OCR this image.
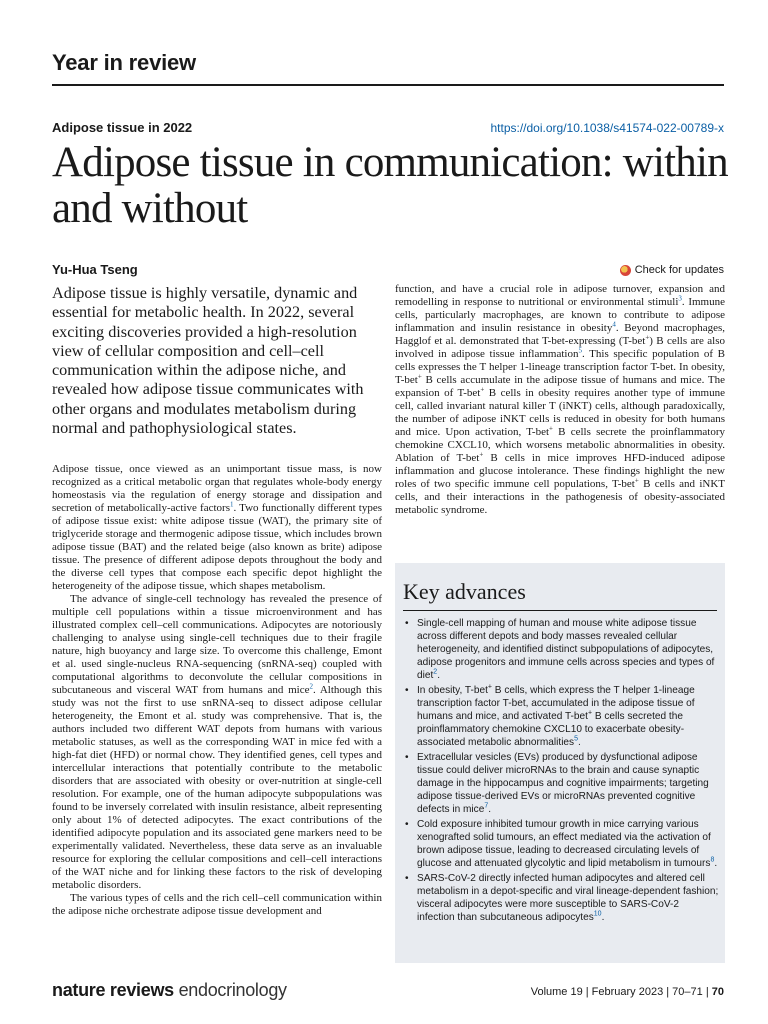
Year in review
Adipose tissue in 2022	https://doi.org/10.1038/s41574-022-00789-x
Adipose tissue in communication: within and without
Yu-Hua Tseng	Check for updates

Adipose tissue is highly versatile, dynamic and essential for metabolic health. In 2022, several exciting discoveries provided a high-resolution view of cellular composition and cell–cell communication within the adipose niche, and revealed how adipose tissue communicates with other organs and modulates metabolism during normal and pathophysiological states.

Adipose tissue, once viewed as an unimportant tissue mass, is now recognized as a critical metabolic organ that regulates whole-body energy homeostasis via the regulation of energy storage and dissipation and secretion of metabolically-active factors$^1$. Two functionally different types of adipose tissue exist: white adipose tissue (WAT), the primary site of triglyceride storage and thermogenic adipose tissue, which includes brown adipose tissue (BAT) and the related beige (also known as brite) adipose tissue. The presence of different adipose depots throughout the body and the diverse cell types that compose each specific depot highlight the heterogeneity of the adipose tissue, which shapes metabolism.

The advance of single-cell technology has revealed the presence of multiple cell populations within a tissue microenvironment and has illustrated complex cell–cell communications. Adipocytes are notoriously challenging to analyse using single-cell techniques due to their fragile nature, high buoyancy and large size. To overcome this challenge, Emont et al. used single-nucleus RNA-sequencing (snRNA-seq) coupled with computational algorithms to deconvolute the cellular compositions in subcutaneous and visceral WAT from humans and mice$^2$. Although this study was not the first to use snRNA-seq to dissect adipose cellular heterogeneity, the Emont et al. study was comprehensive. That is, the authors included two different WAT depots from humans with various metabolic statuses, as well as the corresponding WAT in mice fed with a high-fat diet (HFD) or normal chow. They identified genes, cell types and intercellular interactions that potentially contribute to the metabolic disorders that are associated with obesity or over-nutrition at single-cell resolution. For example, one of the human adipocyte subpopulations was found to be inversely correlated with insulin resistance, albeit representing only about 1% of detected adipocytes. The exact contributions of the identified adipocyte population and its associated gene markers need to be experimentally validated. Nevertheless, these data serve as an invaluable resource for exploring the cellular compositions and cell–cell interactions of the WAT niche and for linking these factors to the risk of developing metabolic disorders.

The various types of cells and the rich cell–cell communication within the adipose niche orchestrate adipose tissue development and

function, and have a crucial role in adipose turnover, expansion and remodelling in response to nutritional or environmental stimuli$^3$. Immune cells, particularly macrophages, are known to contribute to adipose inflammation and insulin resistance in obesity$^4$. Beyond macrophages, Hagglof et al. demonstrated that T-bet-expressing (T-bet+) B cells are also involved in adipose tissue inflammation$^5$. This specific population of B cells expresses the T helper 1-lineage transcription factor T-bet. In obesity, T-bet+ B cells accumulate in the adipose tissue of humans and mice. The expansion of T-bet+ B cells in obesity requires another type of immune cell, called invariant natural killer T (iNKT) cells, although paradoxically, the number of adipose iNKT cells is reduced in obesity for both humans and mice. Upon activation, T-bet+ B cells secrete the proinflammatory chemokine CXCL10, which worsens metabolic abnormalities in obesity. Ablation of T-bet+ B cells in mice improves HFD-induced adipose inflammation and glucose intolerance. These findings highlight the new roles of two specific immune cell populations, T-bet+ B cells and iNKT cells, and their interactions in the pathogenesis of obesity-associated metabolic syndrome.

Key advances
• Single-cell mapping of human and mouse white adipose tissue across different depots and body masses revealed cellular heterogeneity, and identified distinct subpopulations of adipocytes, adipose progenitors and immune cells across species and types of diet$^2$.
• In obesity, T-bet+ B cells, which express the T helper 1-lineage transcription factor T-bet, accumulated in the adipose tissue of humans and mice, and activated T-bet+ B cells secreted the proinflammatory chemokine CXCL10 to exacerbate obesity-associated metabolic abnormalities$^5$.
• Extracellular vesicles (EVs) produced by dysfunctional adipose tissue could deliver microRNAs to the brain and cause synaptic damage in the hippocampus and cognitive impairments; targeting adipose tissue-derived EVs or microRNAs prevented cognitive defects in mice$^7$.
• Cold exposure inhibited tumour growth in mice carrying various xenografted solid tumours, an effect mediated via the activation of brown adipose tissue, leading to decreased circulating levels of glucose and attenuated glycolytic and lipid metabolism in tumours$^8$.
• SARS-CoV-2 directly infected human adipocytes and altered cell metabolism in a depot-specific and viral lineage-dependent fashion; visceral adipocytes were more susceptible to SARS-CoV-2 infection than subcutaneous adipocytes$^{10}$.
nature reviews endocrinology	Volume 19 | February 2023 | 70–71 | 70
